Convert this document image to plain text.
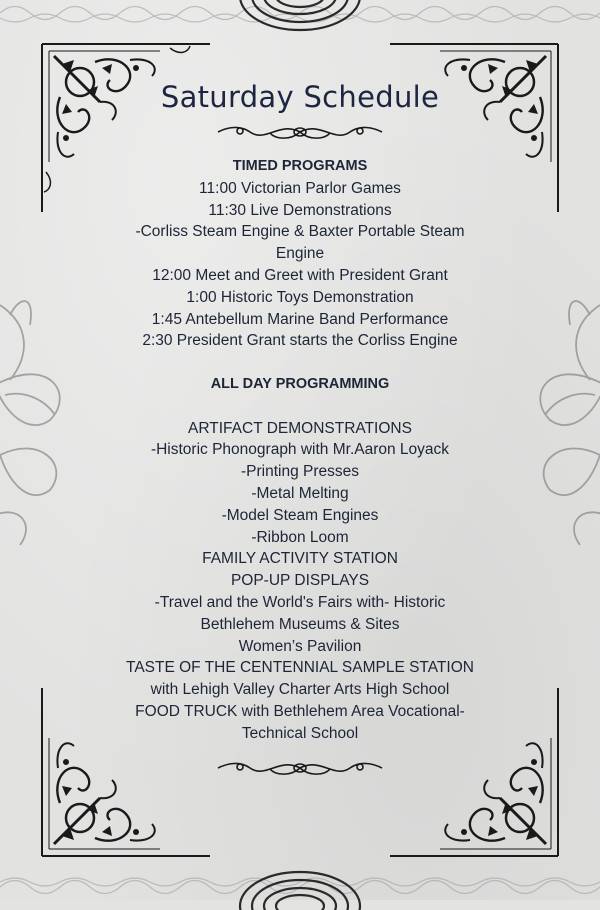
Saturday Schedule
TIMED PROGRAMS
11:00 Victorian Parlor Games
11:30 Live Demonstrations
-Corliss Steam Engine & Baxter Portable Steam
Engine
12:00 Meet and Greet with President Grant
1:00 Historic Toys Demonstration
1:45 Antebellum Marine Band Performance
2:30 President Grant starts the Corliss Engine
ALL DAY PROGRAMMING
ARTIFACT DEMONSTRATIONS
-Historic Phonograph with Mr.Aaron Loyack
-Printing Presses
-Metal Melting
-Model Steam Engines
-Ribbon Loom
FAMILY ACTIVITY STATION
POP-UP DISPLAYS
-Travel and the World's Fairs with- Historic
Bethlehem Museums & Sites
Women’s Pavilion
TASTE OF THE CENTENNIAL SAMPLE STATION
with Lehigh Valley Charter Arts High School
FOOD TRUCK with Bethlehem Area Vocational-
Technical School
